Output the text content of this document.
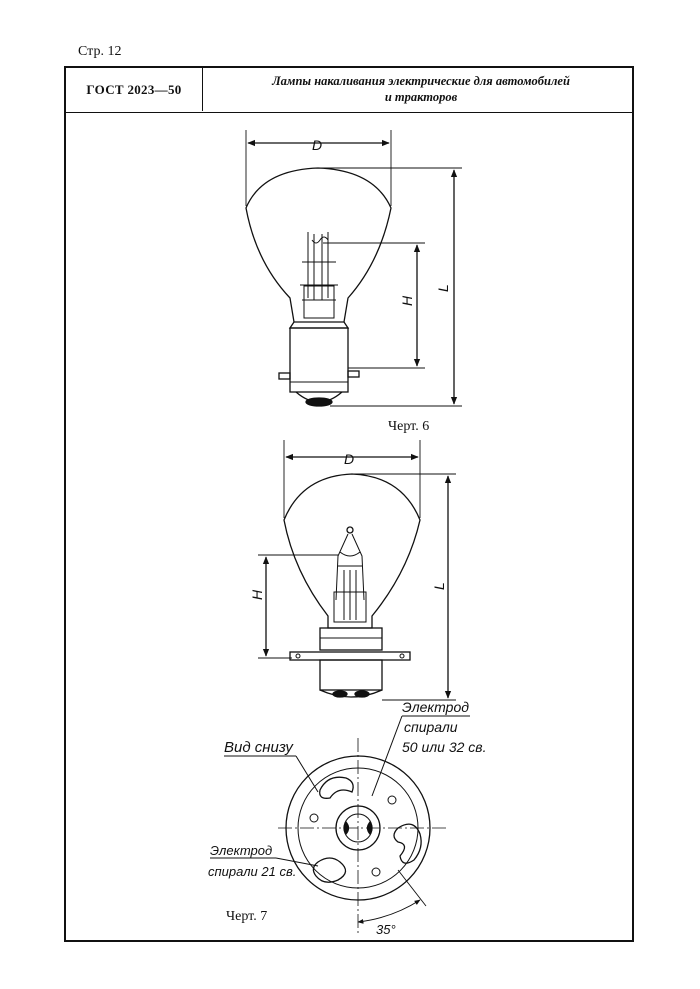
Стр. 12
ГОСТ 2023—50
Лампы накаливания электрические для автомобилей
и тракторов
D
H
L
Черт. 6
D
H
L
Вид снизу
Электрод
спирали
50 или 32 св.
Электрод
спирали 21 св.
35°
Черт. 7
